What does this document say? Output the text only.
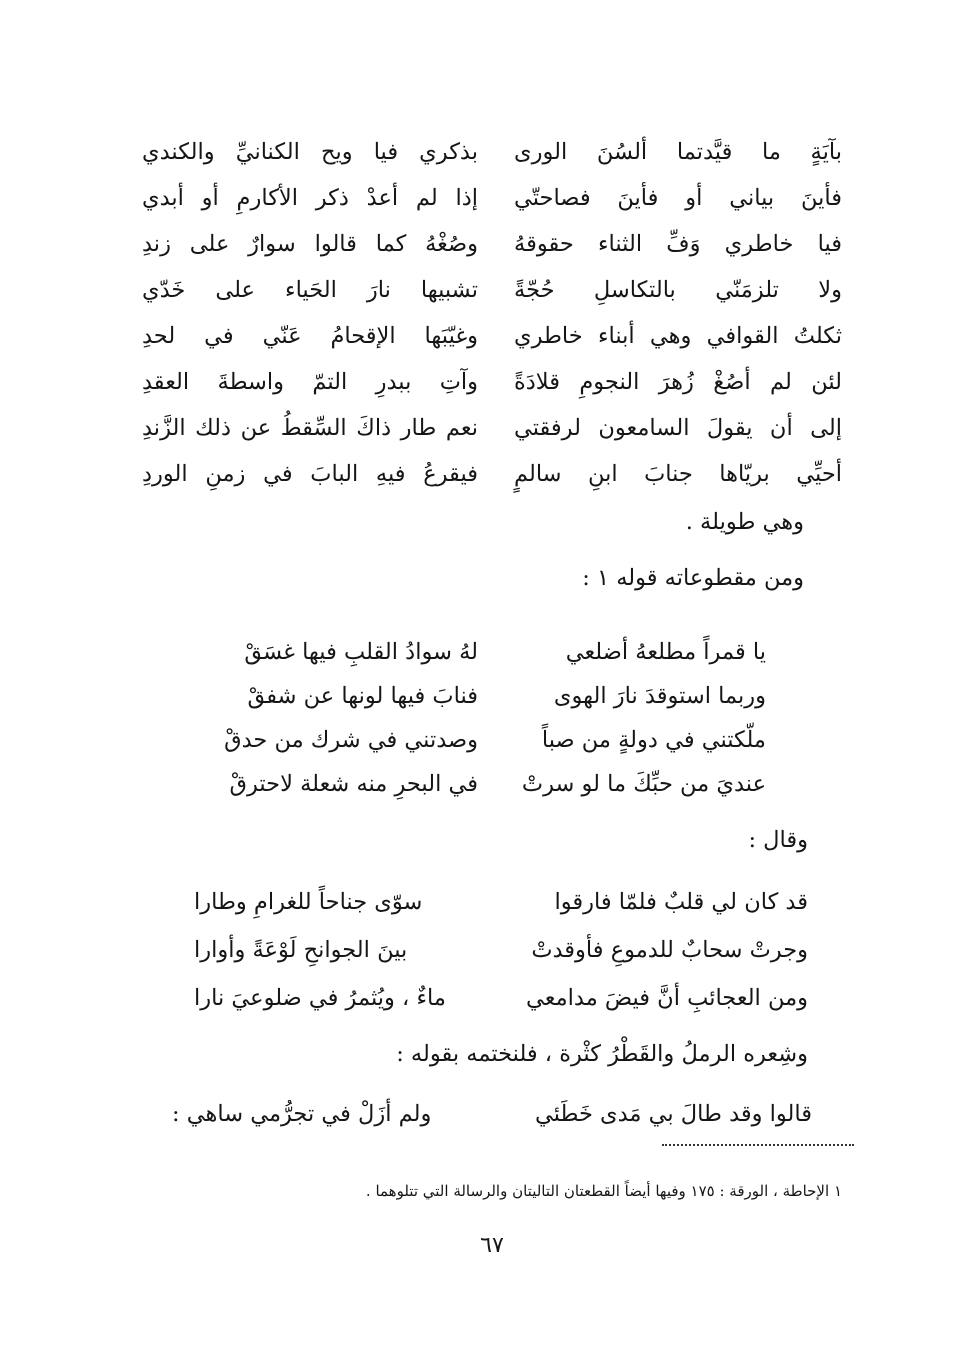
بآيَةٍ ما قيَّدتما ألسُنَ الورى

بذكري فيا ويح الكنانيِّ والكندي

فأينَ بياني أو فأينَ فصاحتّي

إذا لم أعدْ ذكر الأكارمِ أو أبدي

فيا خاطري وَفِّ الثناء حقوقهُ

وصُغْهُ كما قالوا سوارٌ على زندِ

ولا تلزمَنّي بالتكاسلِ حُجّةً

تشبيها نارَ الحَياء على خَدّي

ثكلتُ القوافي وهي أبناء خاطري

وغيّبَها الإقحامُ عَنّي في لحدِ

لئن لم أصُغْ زُهرَ النجومِ قلادَةً

وآتِ ببدرِ التمّ واسطةَ العقدِ

إلى أن يقولَ السامعون لرفقتي

نعم طار ذاكَ السِّقطُ عن ذلك الزَّندِ

أحيِّي بريّاها جنابَ ابنِ سالمٍ

فيقرعُ فيهِ البابَ في زمنِ الوردِ

وهي طويلة .

ومن مقطوعاته قوله ١ :

يا قمراً مطلعهُ أضلعي

لهُ سوادُ القلبِ فيها غسَقْ

وربما استوقدَ نارَ الهوى

فنابَ فيها لونها عن شفقْ

ملّكتني في دولةٍ من صباً

وصدتني في شرك من حدقْ

عنديَ من حبِّكَ ما لو سرتْ

في البحرِ منه شعلة لاحترقْ

وقال :

قد كان لي قلبٌ فلمّا فارقوا

سوّى جناحاً للغرامِ وطارا

وجرتْ سحابٌ للدموعِ فأوقدتْ

بينَ الجوانحِ لَوْعَةً وأوارا

ومن العجائبِ أنَّ فيضَ مدامعي

ماءٌ ، ويُثمرُ في ضلوعيَ نارا

وشِعره الرملُ والقَطْرُ كثْرة ، فلنختمه بقوله :

قالوا وقد طالَ بي مَدى خَطَئي

ولم أزَلْ في تجرُّمي ساهي :

١ الإحاطة ، الورقة : ١٧٥ وفيها أيضاً القطعتان التاليتان والرسالة التي تتلوهما .

٦٧
